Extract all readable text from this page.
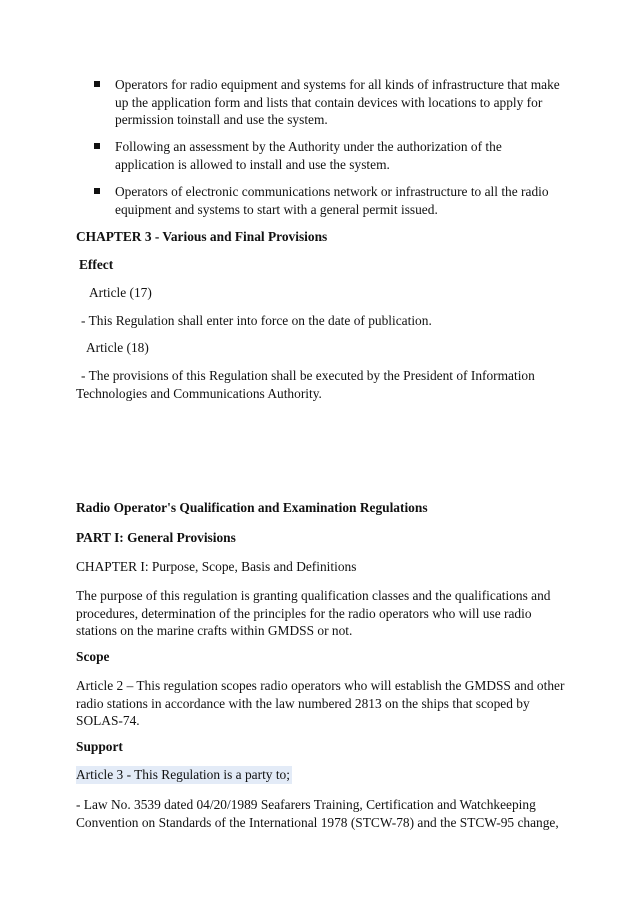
Operators for radio equipment and systems for all kinds of infrastructure that make up the application form and lists that contain devices with locations to apply for permission toinstall and use the system.
Following an assessment by the Authority under the authorization of the application is allowed to install and use the system.
Operators of electronic communications network or infrastructure to all the radio equipment and systems to start with a general permit issued.
CHAPTER 3 - Various and Final Provisions
Effect
Article (17)
- This Regulation shall enter into force on the date of publication.
Article (18)
- The provisions of this Regulation shall be executed by the President of Information Technologies and Communications Authority.
Radio Operator's Qualification and Examination Regulations
PART I: General Provisions
CHAPTER I: Purpose, Scope, Basis and Definitions
The purpose of this regulation is granting qualification classes and the qualifications and procedures, determination of the principles for the radio operators who will use radio stations on the marine crafts within GMDSS or not.
Scope
Article 2 – This regulation scopes radio operators who will establish the GMDSS and other radio stations in accordance with the law numbered 2813 on the ships that scoped by SOLAS-74.
Support
Article 3 - This Regulation is a party to;
- Law No. 3539 dated 04/20/1989 Seafarers Training, Certification and Watchkeeping Convention on Standards of the International 1978 (STCW-78) and the STCW-95 change,
